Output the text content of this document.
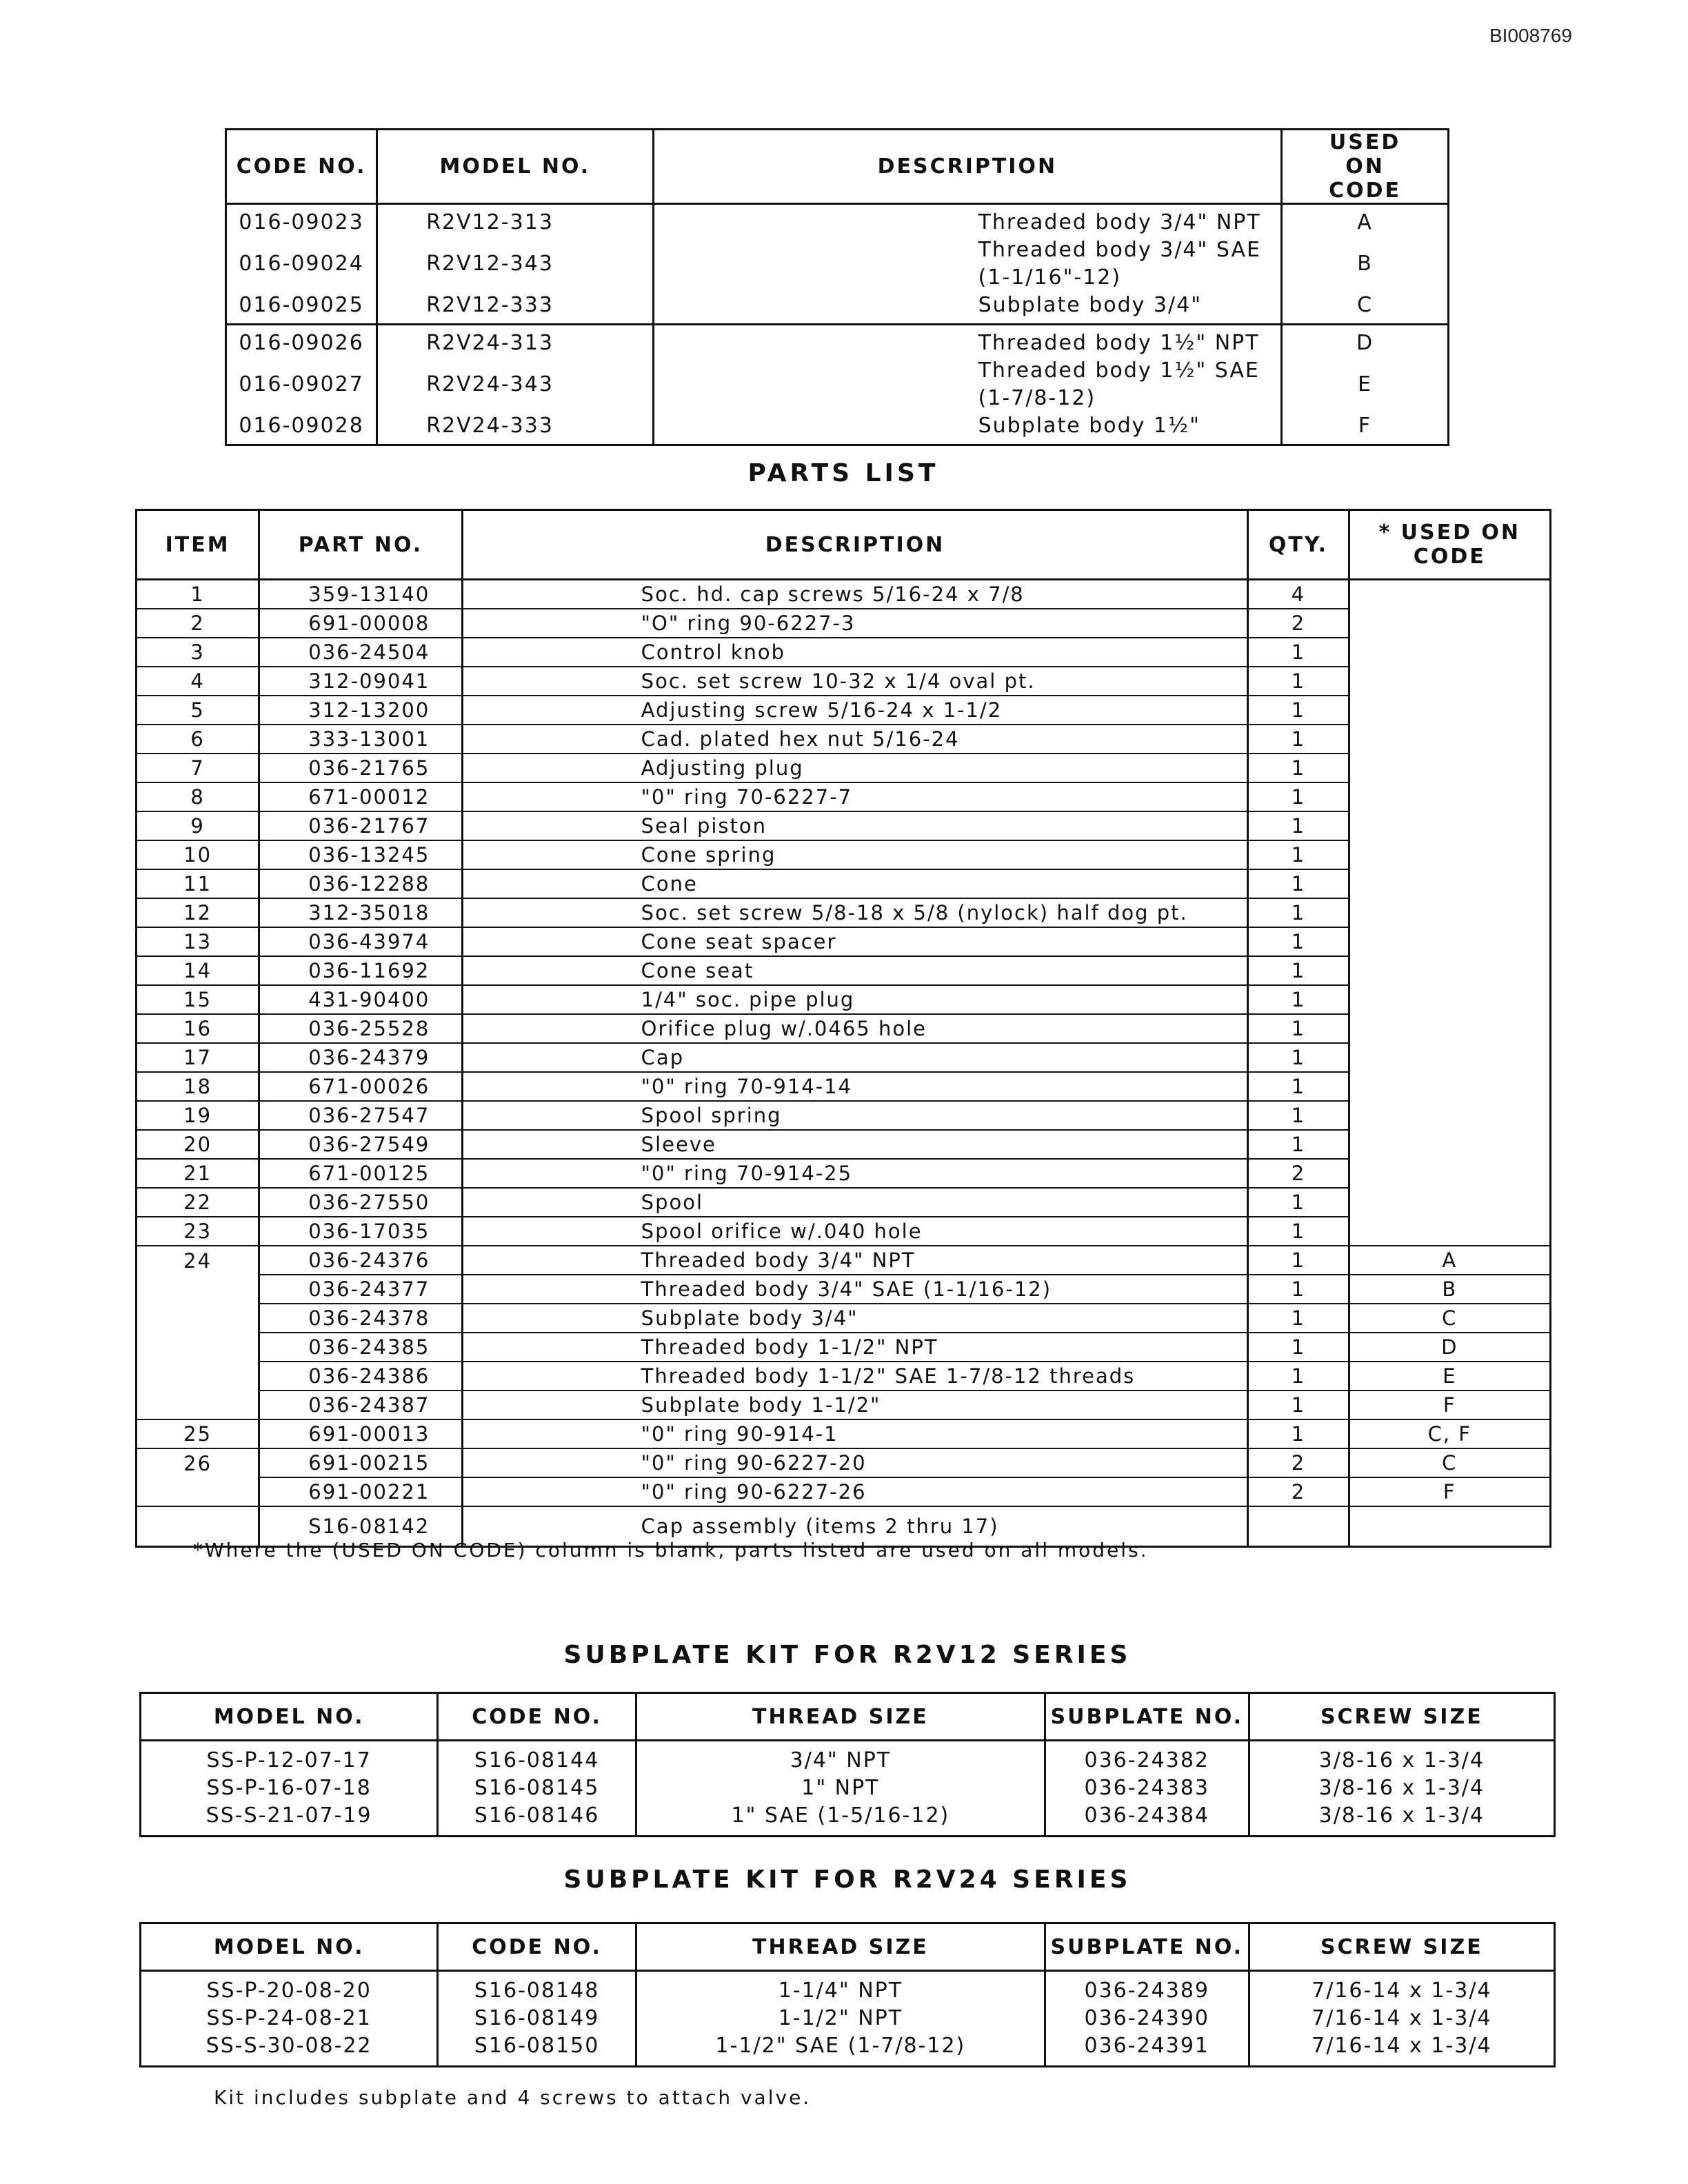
BI008769
CODE NO.	MODEL NO.	DESCRIPTION	USED ON CODE
016-09023	R2V12-313	Threaded body 3/4" NPT	A
016-09024	R2V12-343	Threaded body 3/4" SAE (1-1/16"-12)	B
016-09025	R2V12-333	Subplate body 3/4"	C
016-09026	R2V24-313	Threaded body 1½" NPT	D
016-09027	R2V24-343	Threaded body 1½" SAE (1-7/8-12)	E
016-09028	R2V24-333	Subplate body 1½"	F
PARTS LIST
ITEM	PART NO.	DESCRIPTION	QTY.	* USED ON CODE
1	359-13140	Soc. hd. cap screws 5/16-24 x 7/8	4	
2	691-00008	"O" ring 90-6227-3	2	
3	036-24504	Control knob	1	
4	312-09041	Soc. set screw 10-32 x 1/4 oval pt.	1	
5	312-13200	Adjusting screw 5/16-24 x 1-1/2	1	
6	333-13001	Cad. plated hex nut 5/16-24	1	
7	036-21765	Adjusting plug	1	
8	671-00012	"0" ring 70-6227-7	1	
9	036-21767	Seal piston	1	
10	036-13245	Cone spring	1	
11	036-12288	Cone	1	
12	312-35018	Soc. set screw 5/8-18 x 5/8 (nylock) half dog pt.	1	
13	036-43974	Cone seat spacer	1	
14	036-11692	Cone seat	1	
15	431-90400	1/4" soc. pipe plug	1	
16	036-25528	Orifice plug w/.0465 hole	1	
17	036-24379	Cap	1	
18	671-00026	"0" ring 70-914-14	1	
19	036-27547	Spool spring	1	
20	036-27549	Sleeve	1	
21	671-00125	"0" ring 70-914-25	2	
22	036-27550	Spool	1	
23	036-17035	Spool orifice w/.040 hole	1	
24	036-24376	Threaded body 3/4" NPT	1	A
	036-24377	Threaded body 3/4" SAE (1-1/16-12)	1	B
	036-24378	Subplate body 3/4"	1	C
	036-24385	Threaded body 1-1/2" NPT	1	D
	036-24386	Threaded body 1-1/2" SAE 1-7/8-12 threads	1	E
	036-24387	Subplate body 1-1/2"	1	F
25	691-00013	"0" ring 90-914-1	1	C, F
26	691-00215	"0" ring 90-6227-20	2	C
	691-00221	"0" ring 90-6227-26	2	F
	S16-08142	Cap assembly (items 2 thru 17)		
*Where the (USED ON CODE) column is blank, parts listed are used on all models.
SUBPLATE KIT FOR R2V12 SERIES
MODEL NO.	CODE NO.	THREAD SIZE	SUBPLATE NO.	SCREW SIZE
SS-P-12-07-17	S16-08144	3/4" NPT	036-24382	3/8-16 x 1-3/4
SS-P-16-07-18	S16-08145	1" NPT	036-24383	3/8-16 x 1-3/4
SS-S-21-07-19	S16-08146	1" SAE (1-5/16-12)	036-24384	3/8-16 x 1-3/4
SUBPLATE KIT FOR R2V24 SERIES
MODEL NO.	CODE NO.	THREAD SIZE	SUBPLATE NO.	SCREW SIZE
SS-P-20-08-20	S16-08148	1-1/4" NPT	036-24389	7/16-14 x 1-3/4
SS-P-24-08-21	S16-08149	1-1/2" NPT	036-24390	7/16-14 x 1-3/4
SS-S-30-08-22	S16-08150	1-1/2" SAE (1-7/8-12)	036-24391	7/16-14 x 1-3/4
Kit includes subplate and 4 screws to attach valve.
